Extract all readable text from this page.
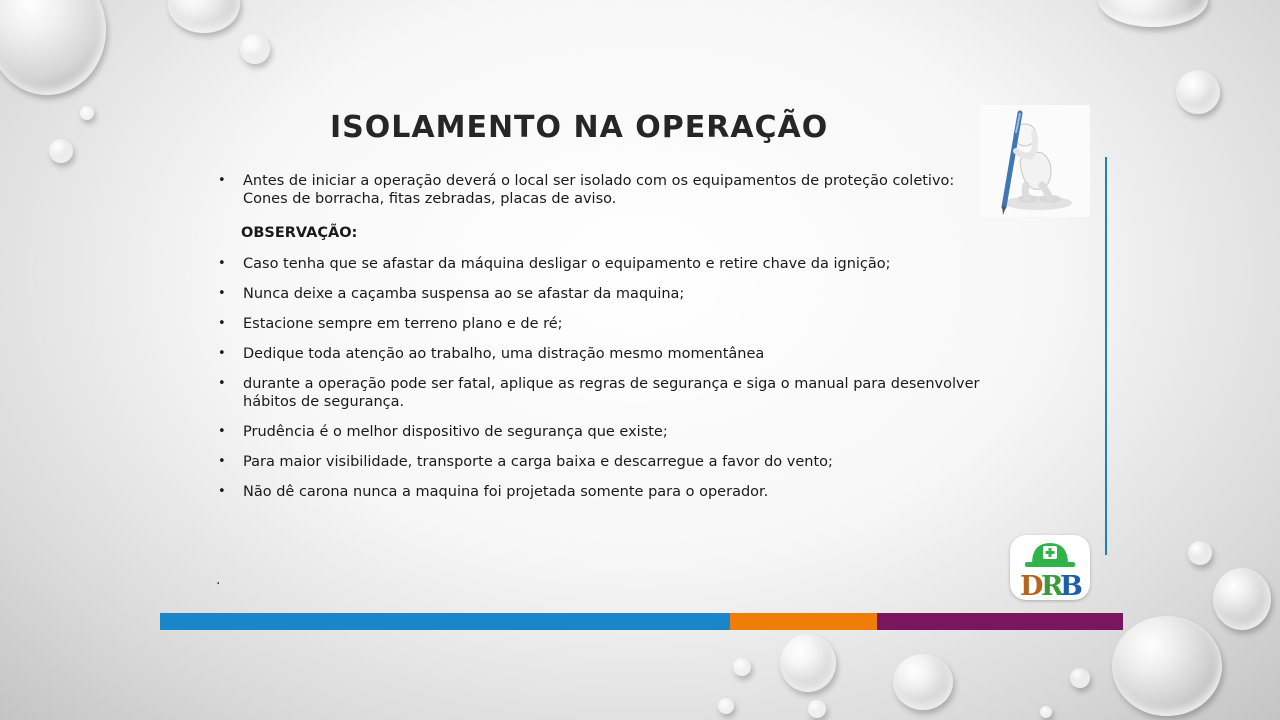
ISOLAMENTO NA OPERAÇÃO
• Antes de iniciar a operação deverá o local ser isolado com os equipamentos de proteção coletivo: Cones de borracha, fitas zebradas, placas de aviso.
OBSERVAÇÃO:
• Caso tenha que se afastar da máquina desligar o equipamento e retire chave da ignição;
• Nunca deixe a caçamba suspensa ao se afastar da maquina;
• Estacione sempre em terreno plano e de ré;
• Dedique toda atenção ao trabalho, uma distração mesmo momentânea
• durante a operação pode ser fatal, aplique as regras de segurança e siga o manual para desenvolver hábitos de segurança.
• Prudência é o melhor dispositivo de segurança que existe;
• Para maior visibilidade, transporte a carga baixa e descarregue a favor do vento;
• Não dê carona nunca a maquina foi projetada somente para o operador.
.	D
R
B
